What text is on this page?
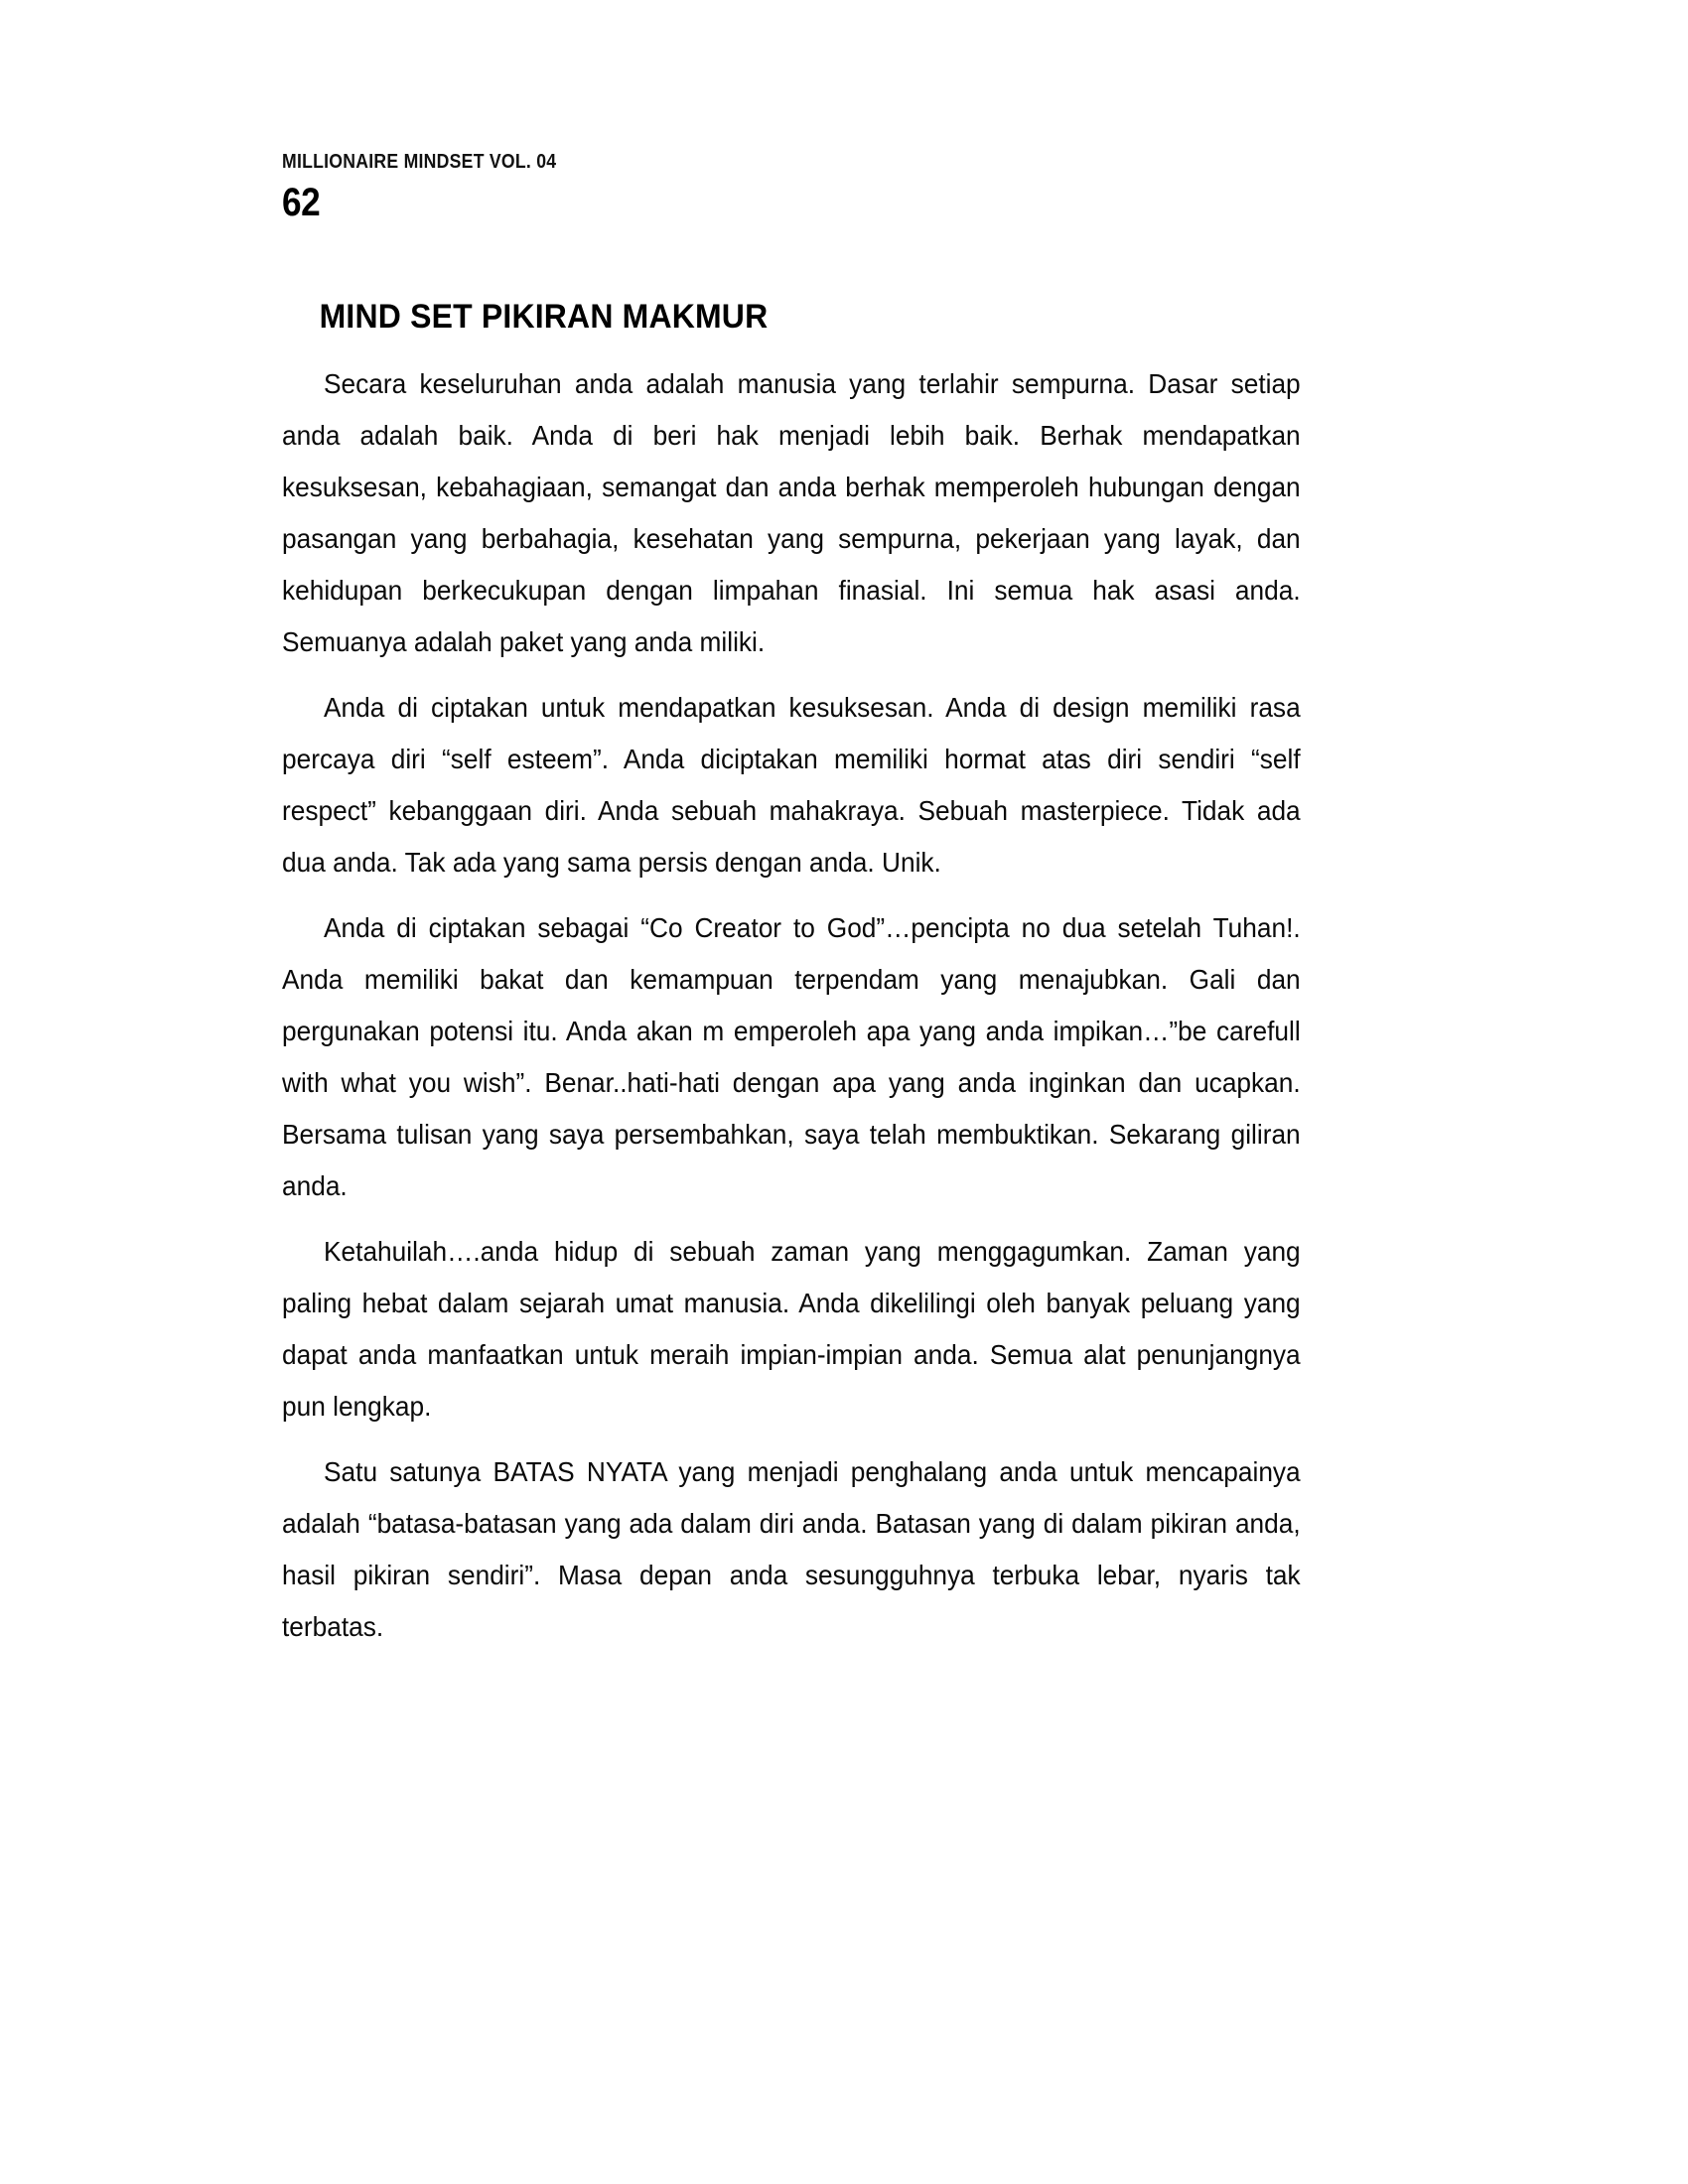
MILLIONAIRE MINDSET VOL. 04
62
MIND SET PIKIRAN MAKMUR

Secara keseluruhan anda adalah manusia yang terlahir sempurna. Dasar setiap anda adalah baik. Anda di beri hak menjadi lebih baik. Berhak mendapatkan kesuksesan, kebahagiaan, semangat dan anda berhak memperoleh hubungan dengan pasangan yang berbahagia, kesehatan yang sempurna, pekerjaan yang layak, dan kehidupan berkecukupan dengan limpahan finasial. Ini semua hak asasi anda. Semuanya adalah paket yang anda miliki.

Anda di ciptakan untuk mendapatkan kesuksesan. Anda di design memiliki rasa percaya diri “self esteem”. Anda diciptakan memiliki hormat atas diri sendiri “self respect” kebanggaan diri. Anda sebuah mahakraya. Sebuah masterpiece. Tidak ada dua anda. Tak ada yang sama persis dengan anda. Unik.

Anda di ciptakan sebagai “Co Creator to God”…pencipta no dua setelah Tuhan!. Anda memiliki bakat dan kemampuan terpendam yang menajubkan. Gali dan pergunakan potensi itu. Anda akan m emperoleh apa yang anda impikan…”be carefull with what you wish”. Benar..hati-hati dengan apa yang anda inginkan dan ucapkan. Bersama tulisan yang saya persembahkan, saya telah membuktikan. Sekarang giliran anda.

Ketahuilah….anda hidup di sebuah zaman yang menggagumkan. Zaman yang paling hebat dalam sejarah umat manusia. Anda dikelilingi oleh banyak peluang yang dapat anda manfaatkan untuk meraih impian-impian anda. Semua alat penunjangnya pun lengkap.

Satu satunya BATAS NYATA yang menjadi penghalang anda untuk mencapainya adalah “batasa-batasan yang ada dalam diri anda. Batasan yang di dalam pikiran anda, hasil pikiran sendiri”. Masa depan anda sesungguhnya terbuka lebar, nyaris tak terbatas.
